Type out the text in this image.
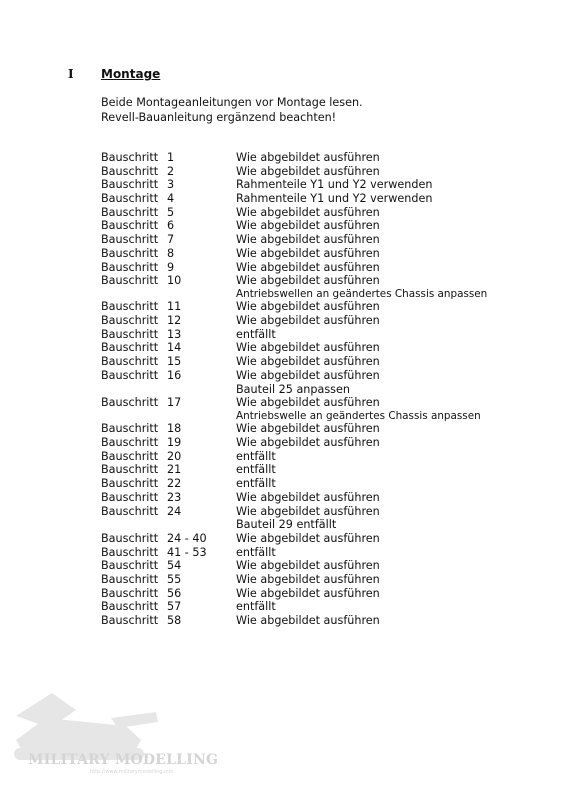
I Montage
Beide Montageanleitungen vor Montage lesen.
Revell-Bauanleitung ergänzend beachten!
Bauschritt 1	Wie abgebildet ausführen
Bauschritt 2	Wie abgebildet ausführen
Bauschritt 3	Rahmenteile Y1 und Y2 verwenden
Bauschritt 4	Rahmenteile Y1 und Y2 verwenden
Bauschritt 5	Wie abgebildet ausführen
Bauschritt 6	Wie abgebildet ausführen
Bauschritt 7	Wie abgebildet ausführen
Bauschritt 8	Wie abgebildet ausführen
Bauschritt 9	Wie abgebildet ausführen
Bauschritt 10	Wie abgebildet ausführen
Antriebswellen an geändertes Chassis anpassen
Bauschritt 11	Wie abgebildet ausführen
Bauschritt 12	Wie abgebildet ausführen
Bauschritt 13	entfällt
Bauschritt 14	Wie abgebildet ausführen
Bauschritt 15	Wie abgebildet ausführen
Bauschritt 16	Wie abgebildet ausführen
Bauteil 25 anpassen
Bauschritt 17	Wie abgebildet ausführen
Antriebswelle an geändertes Chassis anpassen
Bauschritt 18	Wie abgebildet ausführen
Bauschritt 19	Wie abgebildet ausführen
Bauschritt 20	entfällt
Bauschritt 21	entfällt
Bauschritt 22	entfällt
Bauschritt 23	Wie abgebildet ausführen
Bauschritt 24	Wie abgebildet ausführen
Bauteil 29 entfällt
Bauschritt 24 - 40	Wie abgebildet ausführen
Bauschritt 41 - 53	entfällt
Bauschritt 54	Wie abgebildet ausführen
Bauschritt 55	Wie abgebildet ausführen
Bauschritt 56	Wie abgebildet ausführen
Bauschritt 57	entfällt
Bauschritt 58	Wie abgebildet ausführen
MILITARY MODELLING
http://www.militarymodelling.info
